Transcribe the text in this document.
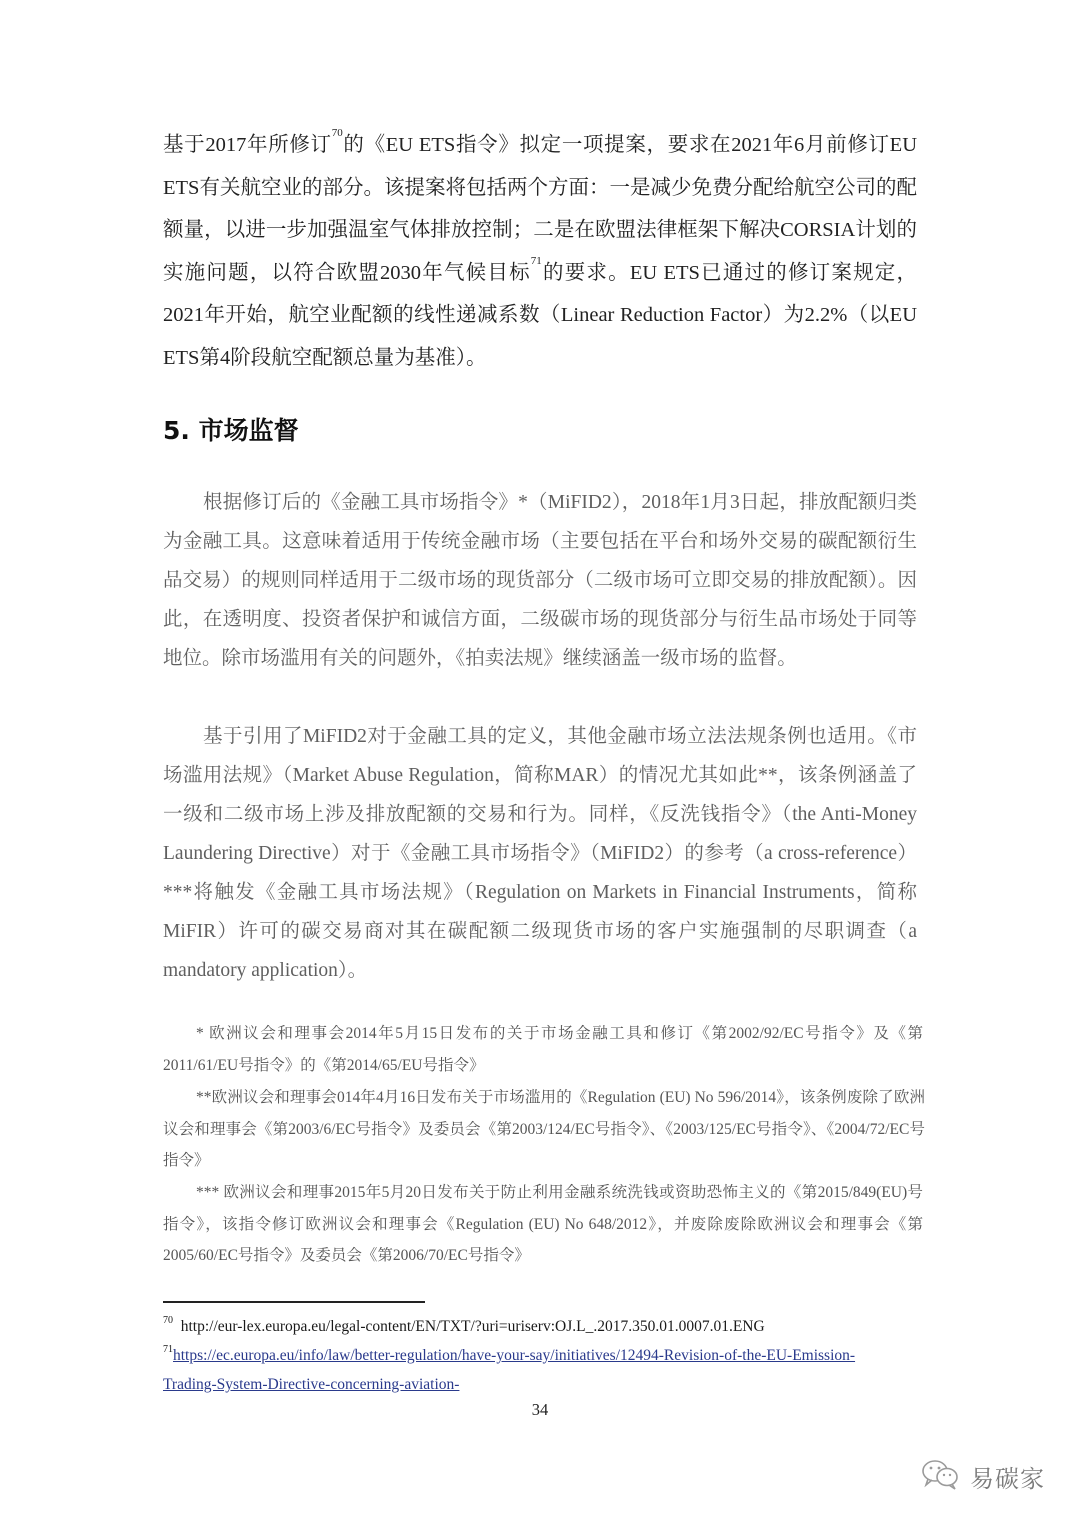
基于2017年所修订$^{70}$的《EU ETS指令》拟定一项提案，要求在2021年6月前修订EU ETS有关航空业的部分。该提案将包括两个方面：一是减少免费分配给航空公司的配额量，以进一步加强温室气体排放控制；二是在欧盟法律框架下解决CORSIA计划的实施问题，以符合欧盟2030年气候目标$^{71}$的要求。EU ETS已通过的修订案规定，2021年开始，航空业配额的线性递减系数（Linear Reduction Factor）为2.2%（以EU ETS第4阶段航空配额总量为基准）。
5. 市场监督
根据修订后的《金融工具市场指令》*（MiFID2），2018年1月3日起，排放配额归类为金融工具。这意味着适用于传统金融市场（主要包括在平台和场外交易的碳配额衍生品交易）的规则同样适用于二级市场的现货部分（二级市场可立即交易的排放配额）。因此，在透明度、投资者保护和诚信方面，二级碳市场的现货部分与衍生品市场处于同等地位。除市场滥用有关的问题外，《拍卖法规》继续涵盖一级市场的监督。
基于引用了MiFID2对于金融工具的定义，其他金融市场立法法规条例也适用。《市场滥用法规》（Market Abuse Regulation，简称MAR）的情况尤其如此**，该条例涵盖了一级和二级市场上涉及排放配额的交易和行为。同样，《反洗钱指令》（the Anti-Money Laundering Directive）对于《金融工具市场指令》（MiFID2）的参考（a cross-reference）***将触发《金融工具市场法规》（Regulation on Markets in Financial Instruments，简称MiFIR）许可的碳交易商对其在碳配额二级现货市场的客户实施强制的尽职调查（a mandatory application）。
* 欧洲议会和理事会2014年5月15日发布的关于市场金融工具和修订《第2002/92/EC号指令》及《第2011/61/EU号指令》的《第2014/65/EU号指令》
**欧洲议会和理事会014年4月16日发布关于市场滥用的《Regulation (EU) No 596/2014》，该条例废除了欧洲议会和理事会《第2003/6/EC号指令》及委员会《第2003/124/EC号指令》、《2003/125/EC号指令》、《2004/72/EC号指令》
*** 欧洲议会和理事2015年5月20日发布关于防止利用金融系统洗钱或资助恐怖主义的《第2015/849(EU)号指令》，该指令修订欧洲议会和理事会《Regulation (EU) No 648/2012》，并废除废除欧洲议会和理事会《第2005/60/EC号指令》及委员会《第2006/70/EC号指令》
$^{70}$ http://eur-lex.europa.eu/legal-content/EN/TXT/?uri=uriserv:OJ.L_.2017.350.01.0007.01.ENG
$^{71}$https://ec.europa.eu/info/law/better-regulation/have-your-say/initiatives/12494-Revision-of-the-EU-Emission-
Trading-System-Directive-concerning-aviation-
34
易碳家
